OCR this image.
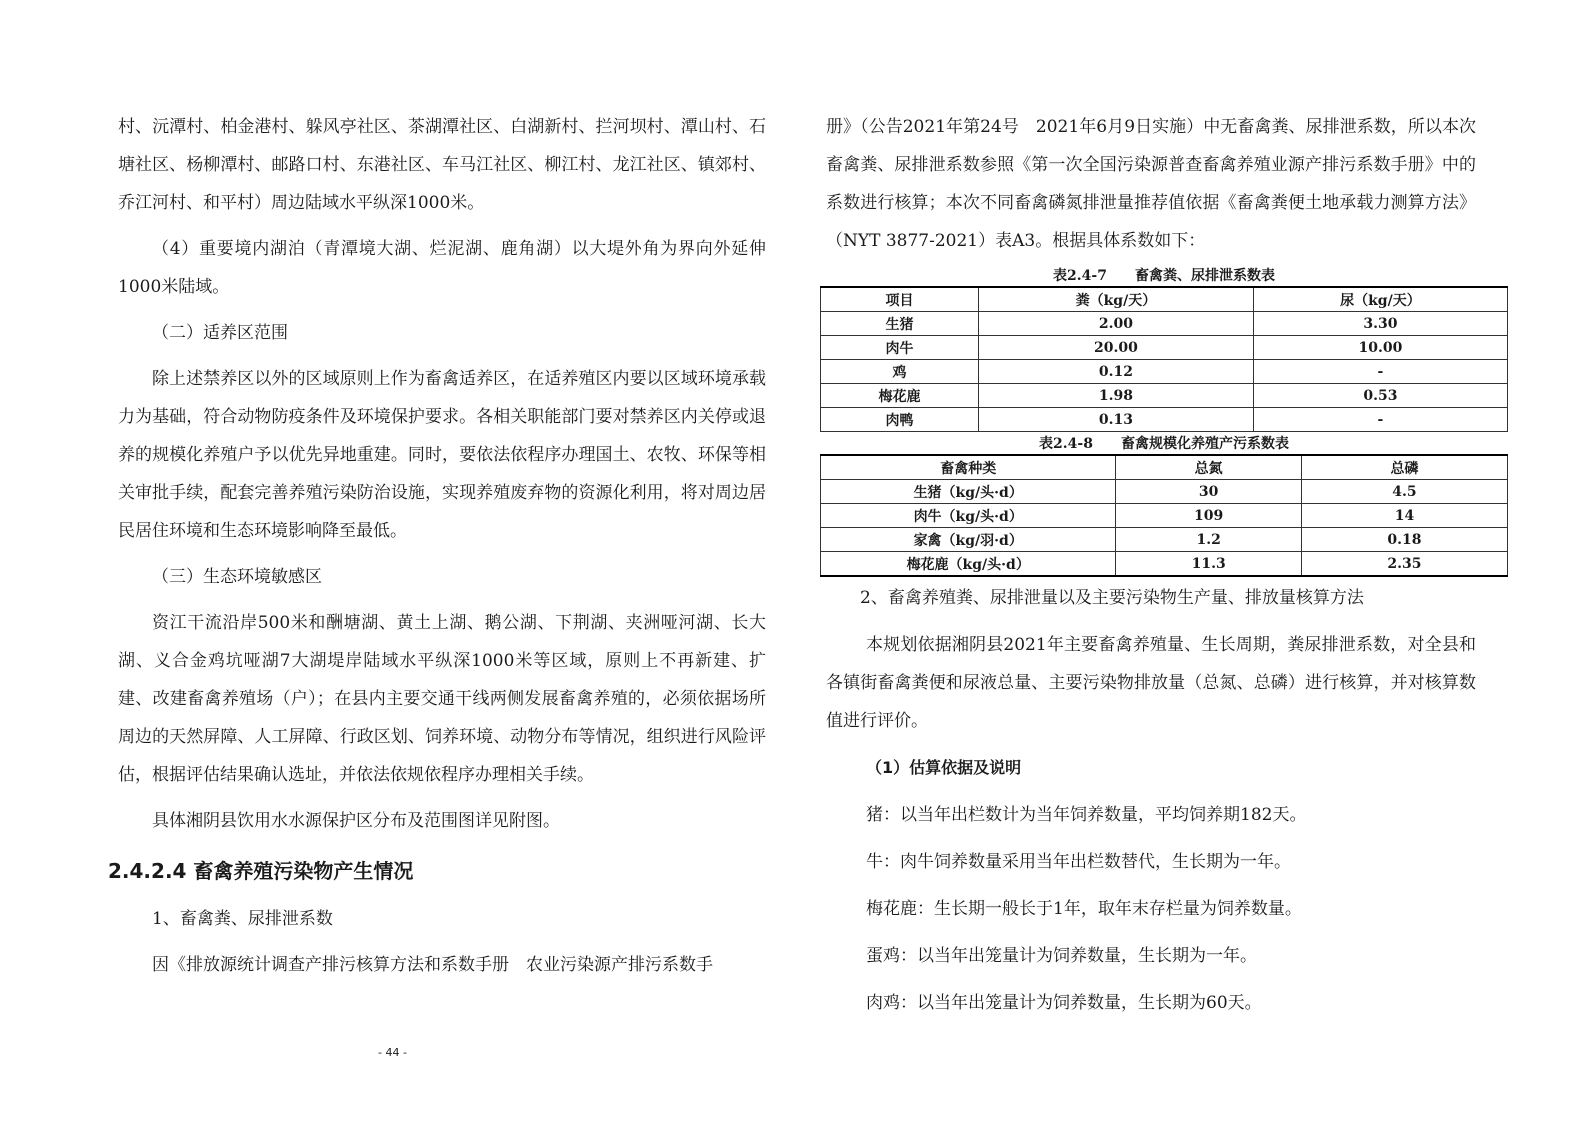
村、沅潭村、柏金港村、躲风亭社区、茶湖潭社区、白湖新村、拦河坝村、潭山村、石塘社区、杨柳潭村、邮路口村、东港社区、车马江社区、柳江村、龙江社区、镇郊村、乔江河村、和平村）周边陆域水平纵深1000米。

（4）重要境内湖泊（青潭境大湖、烂泥湖、鹿角湖）以大堤外角为界向外延伸1000米陆域。

（二）适养区范围

除上述禁养区以外的区域原则上作为畜禽适养区，在适养殖区内要以区域环境承载力为基础，符合动物防疫条件及环境保护要求。各相关职能部门要对禁养区内关停或退养的规模化养殖户予以优先异地重建。同时，要依法依程序办理国土、农牧、环保等相关审批手续，配套完善养殖污染防治设施，实现养殖废弃物的资源化利用，将对周边居民居住环境和生态环境影响降至最低。

（三）生态环境敏感区

资江干流沿岸500米和酬塘湖、黄土上湖、鹅公湖、下荆湖、夹洲哑河湖、长大湖、义合金鸡坑哑湖7大湖堤岸陆域水平纵深1000米等区域，原则上不再新建、扩建、改建畜禽养殖场（户）；在县内主要交通干线两侧发展畜禽养殖的，必须依据场所周边的天然屏障、人工屏障、行政区划、饲养环境、动物分布等情况，组织进行风险评估，根据评估结果确认选址，并依法依规依程序办理相关手续。

具体湘阴县饮用水水源保护区分布及范围图详见附图。

2.4.2.4 畜禽养殖污染物产生情况

1、畜禽粪、尿排泄系数

因《排放源统计调查产排污核算方法和系数手册　农业污染源产排污系数手

册》（公告2021年第24号　2021年6月9日实施）中无畜禽粪、尿排泄系数，所以本次畜禽粪、尿排泄系数参照《第一次全国污染源普查畜禽养殖业源产排污系数手册》中的系数进行核算；本次不同畜禽磷氮排泄量推荐值依据《畜禽粪便土地承载力测算方法》（NYT 3877-2021）表A3。根据具体系数如下：

表2.4-7　　畜禽粪、尿排泄系数表
项目	粪（kg/天）	尿（kg/天）
生猪	2.00	3.30
肉牛	20.00	10.00
鸡	0.12	-
梅花鹿	1.98	0.53
肉鸭	0.13	-
表2.4-8　　畜禽规模化养殖产污系数表
畜禽种类	总氮	总磷
生猪（kg/头·d）	30	4.5
肉牛（kg/头·d）	109	14
家禽（kg/羽·d）	1.2	0.18
梅花鹿（kg/头·d）	11.3	2.35

2、畜禽养殖粪、尿排泄量以及主要污染物生产量、排放量核算方法

本规划依据湘阴县2021年主要畜禽养殖量、生长周期，粪尿排泄系数，对全县和各镇街畜禽粪便和尿液总量、主要污染物排放量（总氮、总磷）进行核算，并对核算数值进行评价。

（1）估算依据及说明

猪：以当年出栏数计为当年饲养数量，平均饲养期182天。

牛：肉牛饲养数量采用当年出栏数替代，生长期为一年。

梅花鹿：生长期一般长于1年，取年末存栏量为饲养数量。

蛋鸡：以当年出笼量计为饲养数量，生长期为一年。

肉鸡：以当年出笼量计为饲养数量，生长期为60天。

- 44 -
